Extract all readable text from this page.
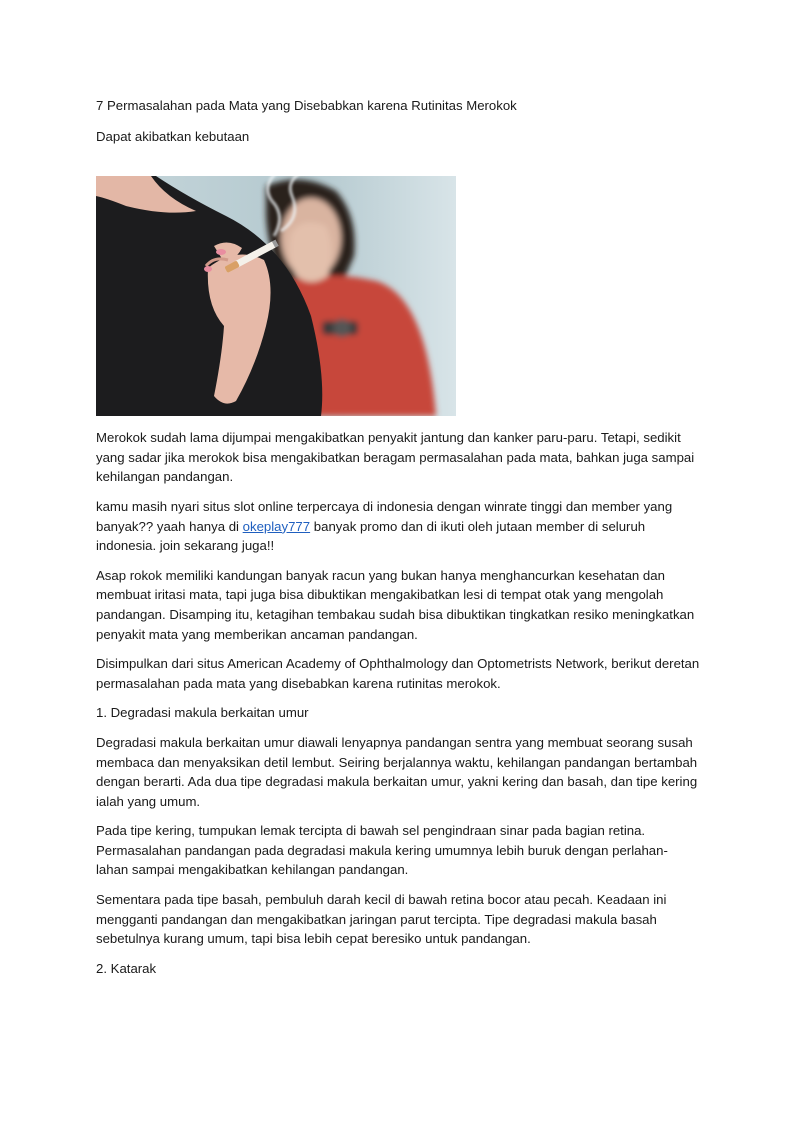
7 Permasalahan pada Mata yang Disebabkan karena Rutinitas Merokok

Dapat akibatkan kebutaan

Merokok sudah lama dijumpai mengakibatkan penyakit jantung dan kanker paru-paru. Tetapi, sedikit yang sadar jika merokok bisa mengakibatkan beragam permasalahan pada mata, bahkan juga sampai kehilangan pandangan.

kamu masih nyari situs slot online terpercaya di indonesia dengan winrate tinggi dan member yang banyak?? yaah hanya di okeplay777 banyak promo dan di ikuti oleh jutaan member di seluruh indonesia. join sekarang juga!!

Asap rokok memiliki kandungan banyak racun yang bukan hanya menghancurkan kesehatan dan membuat iritasi mata, tapi juga bisa dibuktikan mengakibatkan lesi di tempat otak yang mengolah pandangan. Disamping itu, ketagihan tembakau sudah bisa dibuktikan tingkatkan resiko meningkatkan penyakit mata yang memberikan ancaman pandangan.

Disimpulkan dari situs American Academy of Ophthalmology dan Optometrists Network, berikut deretan permasalahan pada mata yang disebabkan karena rutinitas merokok.

1. Degradasi makula berkaitan umur

Degradasi makula berkaitan umur diawali lenyapnya pandangan sentra yang membuat seorang susah membaca dan menyaksikan detil lembut. Seiring berjalannya waktu, kehilangan pandangan bertambah dengan berarti. Ada dua tipe degradasi makula berkaitan umur, yakni kering dan basah, dan tipe kering ialah yang umum.

Pada tipe kering, tumpukan lemak tercipta di bawah sel pengindraan sinar pada bagian retina. Permasalahan pandangan pada degradasi makula kering umumnya lebih buruk dengan perlahan-lahan sampai mengakibatkan kehilangan pandangan.

Sementara pada tipe basah, pembuluh darah kecil di bawah retina bocor atau pecah. Keadaan ini mengganti pandangan dan mengakibatkan jaringan parut tercipta. Tipe degradasi makula basah sebetulnya kurang umum, tapi bisa lebih cepat beresiko untuk pandangan.

2. Katarak
